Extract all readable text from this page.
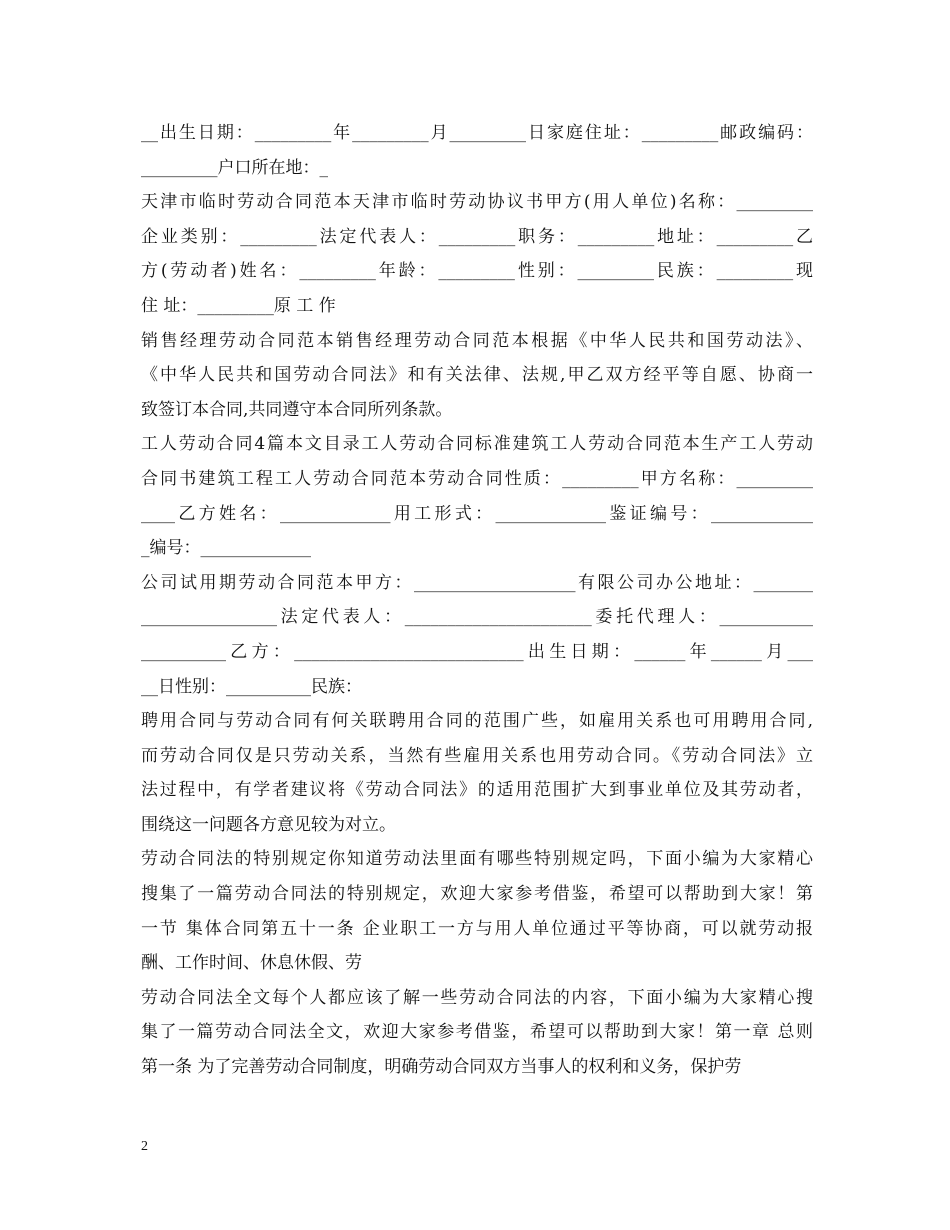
__出生日期：_________年_________月_________日家庭住址：_________邮政编码：
_________户口所在地：_
天津市临时劳动合同范本天津市临时劳动协议书甲方(用人单位)名称：_________
企业类别：_________法定代表人：_________职务：_________地址：_________乙
方(劳动者)姓名：_________年龄：_________性别：_________民族：_________现
住 址：_________原 工 作
销售经理劳动合同范本销售经理劳动合同范本根据《中华人民共和国劳动法》、
《中华人民共和国劳动合同法》和有关法律、法规,甲乙双方经平等自愿、协商一
致签订本合同,共同遵守本合同所列条款。
工人劳动合同4篇本文目录工人劳动合同标准建筑工人劳动合同范本生产工人劳动
合同书建筑工程工人劳动合同范本劳动合同性质：_________甲方名称：_________
____乙方姓名：_____________用工形式：_____________鉴证编号：____________
_编号：_____________
公司试用期劳动合同范本甲方：___________________有限公司办公地址：_______
________________法定代表人：______________________委托代理人：___________
__________乙方：___________________________出生日期：______年______月___
__日性别：__________民族：
聘用合同与劳动合同有何关联聘用合同的范围广些，如雇用关系也可用聘用合同,
而劳动合同仅是只劳动关系，当然有些雇用关系也用劳动合同。《劳动合同法》立
法过程中，有学者建议将《劳动合同法》的适用范围扩大到事业单位及其劳动者，
围绕这一问题各方意见较为对立。
劳动合同法的特别规定你知道劳动法里面有哪些特别规定吗，下面小编为大家精心
搜集了一篇劳动合同法的特别规定，欢迎大家参考借鉴，希望可以帮助到大家！第
一节 集体合同第五十一条 企业职工一方与用人单位通过平等协商，可以就劳动报
酬、工作时间、休息休假、劳
劳动合同法全文每个人都应该了解一些劳动合同法的内容，下面小编为大家精心搜
集了一篇劳动合同法全文，欢迎大家参考借鉴，希望可以帮助到大家！第一章 总则
第一条 为了完善劳动合同制度，明确劳动合同双方当事人的权利和义务，保护劳
2
